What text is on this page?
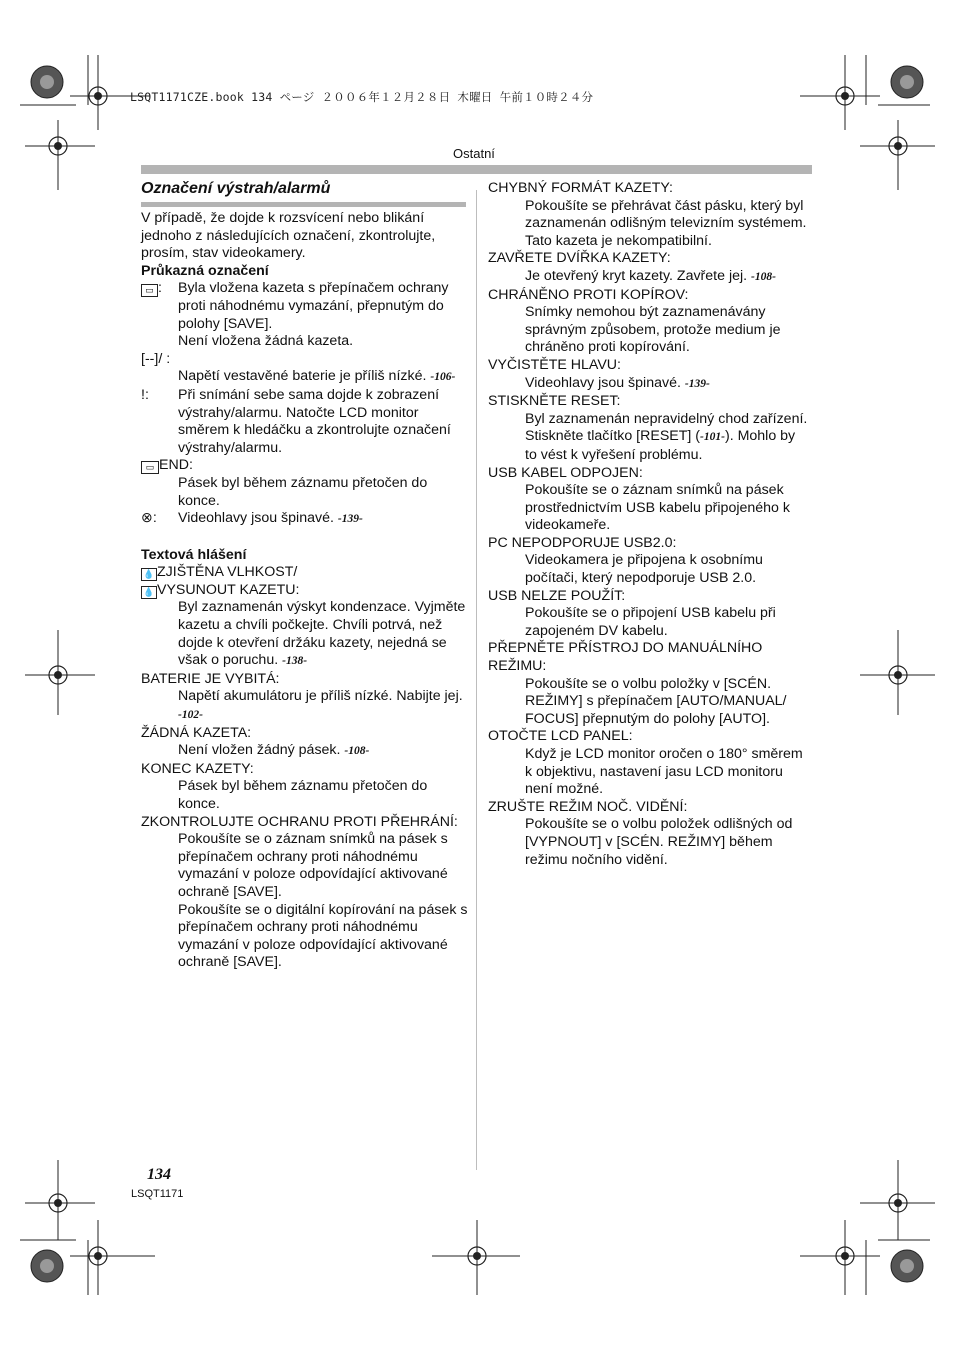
LSQT1171CZE.book 134 ページ ２００６年１２月２８日 木曜日 午前１０時２４分
Ostatní
Označení výstrah/alarmů

V případě, že dojde k rozsvícení nebo blikání jednoho z následujících označení, zkontrolujte, prosím, stav videokamery.

Průkazná označení

▭ :	Byla vložena kazeta s přepínačem ochrany proti náhodnému vymazání, přepnutým do polohy [SAVE].

Není vložena žádná kazeta.

[--]/ :

Napětí vestavěné baterie je příliš nízké. -106-

!:	Při snímání sebe sama dojde k zobrazení výstrahy/alarmu. Natočte LCD monitor směrem k hledáčku a zkontrolujte označení výstrahy/alarmu.

▭ END:

Pásek byl během záznamu přetočen do konce.

⊗:	Videohlavy jsou špinavé. -139-

Textová hlášení

💧 ZJIŠTĚNA VLHKOST/

💧 VYSUNOUT KAZETU:

Byl zaznamenán výskyt kondenzace. Vyjměte kazetu a chvíli počkejte. Chvíli potrvá, než dojde k otevření držáku kazety, nejedná se však o poruchu. -138-

BATERIE JE VYBITÁ:

Napětí akumulátoru je příliš nízké. Nabijte jej. -102-

ŽÁDNÁ KAZETA:

Není vložen žádný pásek. -108-

KONEC KAZETY:

Pásek byl během záznamu přetočen do konce.

ZKONTROLUJTE OCHRANU PROTI PŘEHRÁNÍ:

Pokoušíte se o záznam snímků na pásek s přepínačem ochrany proti náhodnému vymazání v poloze odpovídající aktivované ochraně [SAVE].

Pokoušíte se o digitální kopírování na pásek s přepínačem ochrany proti náhodnému vymazání v poloze odpovídající aktivované ochraně [SAVE].

CHYBNÝ FORMÁT KAZETY:

Pokoušíte se přehrávat část pásku, který byl zaznamenán odlišným televizním systémem. Tato kazeta je nekompatibilní.

ZAVŘETE DVÍŘKA KAZETY:

Je otevřený kryt kazety. Zavřete jej. -108-

CHRÁNĚNO PROTI KOPÍROV:

Snímky nemohou být zaznamenávány správným způsobem, protože medium je chráněno proti kopírování.

VYČISTĚTE HLAVU:

Videohlavy jsou špinavé. -139-

STISKNĚTE RESET:

Byl zaznamenán nepravidelný chod zařízení. Stiskněte tlačítko [RESET] (-101-). Mohlo by to vést k vyřešení problému.

USB KABEL ODPOJEN:

Pokoušíte se o záznam snímků na pásek prostřednictvím USB kabelu připojeného k videokameře.

PC NEPODPORUJE USB2.0:

Videokamera je připojena k osobnímu počítači, který nepodporuje USB 2.0.

USB NELZE POUŽÍT:

Pokoušíte se o připojení USB kabelu při zapojeném DV kabelu.

PŘEPNĚTE PŘÍSTROJ DO MANUÁLNÍHO REŽIMU:

Pokoušíte se o volbu položky v [SCÉN. REŽIMY] s přepínačem [AUTO/MANUAL/ FOCUS] přepnutým do polohy [AUTO].

OTOČTE LCD PANEL:

Když je LCD monitor oročen o 180° směrem k objektivu, nastavení jasu LCD monitoru není možné.

ZRUŠTE REŽIM NOČ. VIDĚNÍ:

Pokoušíte se o volbu položek odlišných od [VYPNOUT] v [SCÉN. REŽIMY] během režimu nočního vidění.

134
LSQT1171
